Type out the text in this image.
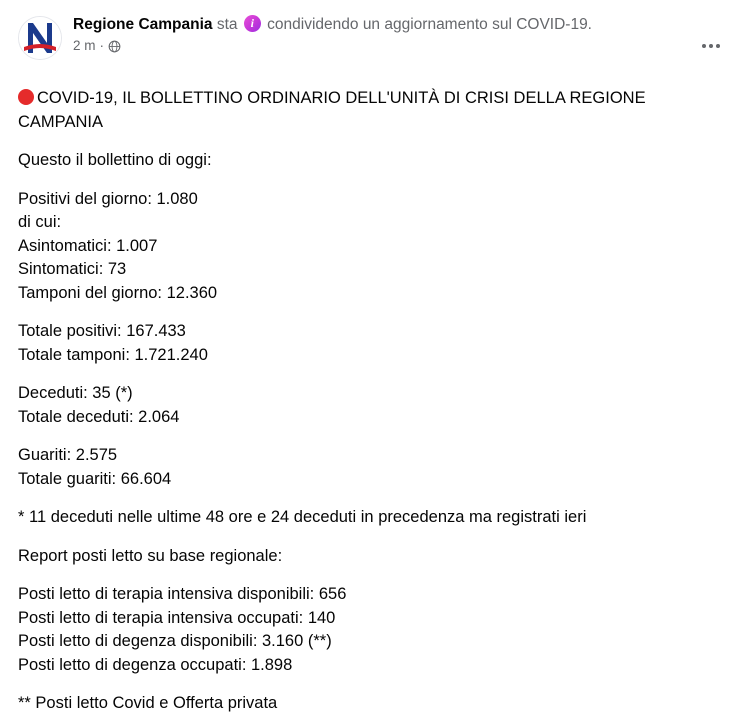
Regione Campania sta i condividendo un aggiornamento sul COVID-19.
2 m ·

COVID-19, IL BOLLETTINO ORDINARIO DELL'UNITÀ DI CRISI DELLA REGIONE CAMPANIA

Questo il bollettino di oggi:

Positivi del giorno: 1.080

di cui:

Asintomatici: 1.007

Sintomatici: 73

Tamponi del giorno: 12.360

Totale positivi: 167.433

Totale tamponi: 1.721.240

Deceduti: 35 (*)

Totale deceduti: 2.064

Guariti: 2.575

Totale guariti: 66.604

* 11 deceduti nelle ultime 48 ore e 24 deceduti in precedenza ma registrati ieri

Report posti letto su base regionale:

Posti letto di terapia intensiva disponibili: 656

Posti letto di terapia intensiva occupati: 140

Posti letto di degenza disponibili: 3.160 (**)

Posti letto di degenza occupati: 1.898

** Posti letto Covid e Offerta privata
